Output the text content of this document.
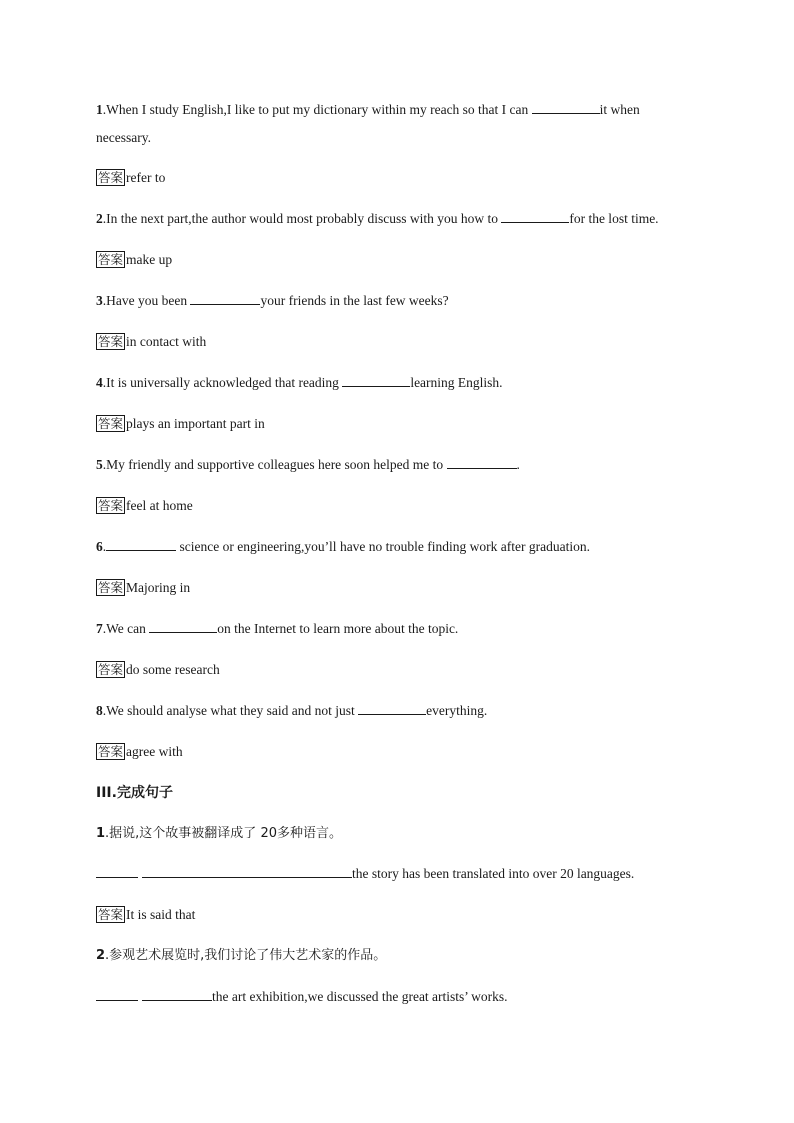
1.When I study English,I like to put my dictionary within my reach so that I can	it when
necessary.
答案 refer to
2.In the next part,the author would most probably discuss with you how to	for the lost time.
答案 make up
3.Have you been	your friends in the last few weeks?
答案 in contact with
4.It is universally acknowledged that reading	learning English.
答案 plays an important part in
5.My friendly and supportive colleagues here soon helped me to	.
答案 feel at home
6.	science or engineering,you’ll have no trouble finding work after graduation.
答案 Majoring in
7.We can	on the Internet to learn more about the topic.
答案 do some research
8.We should analyse what they said and not just	everything.
答案 agree with
III.完成句子
1.据说,这个故事被翻译成了 20多种语言。
the story has been translated into over 20 languages.
答案 It is said that
2.参观艺术展览时,我们讨论了伟大艺术家的作品。
the art exhibition,we discussed the great artists’ works.
